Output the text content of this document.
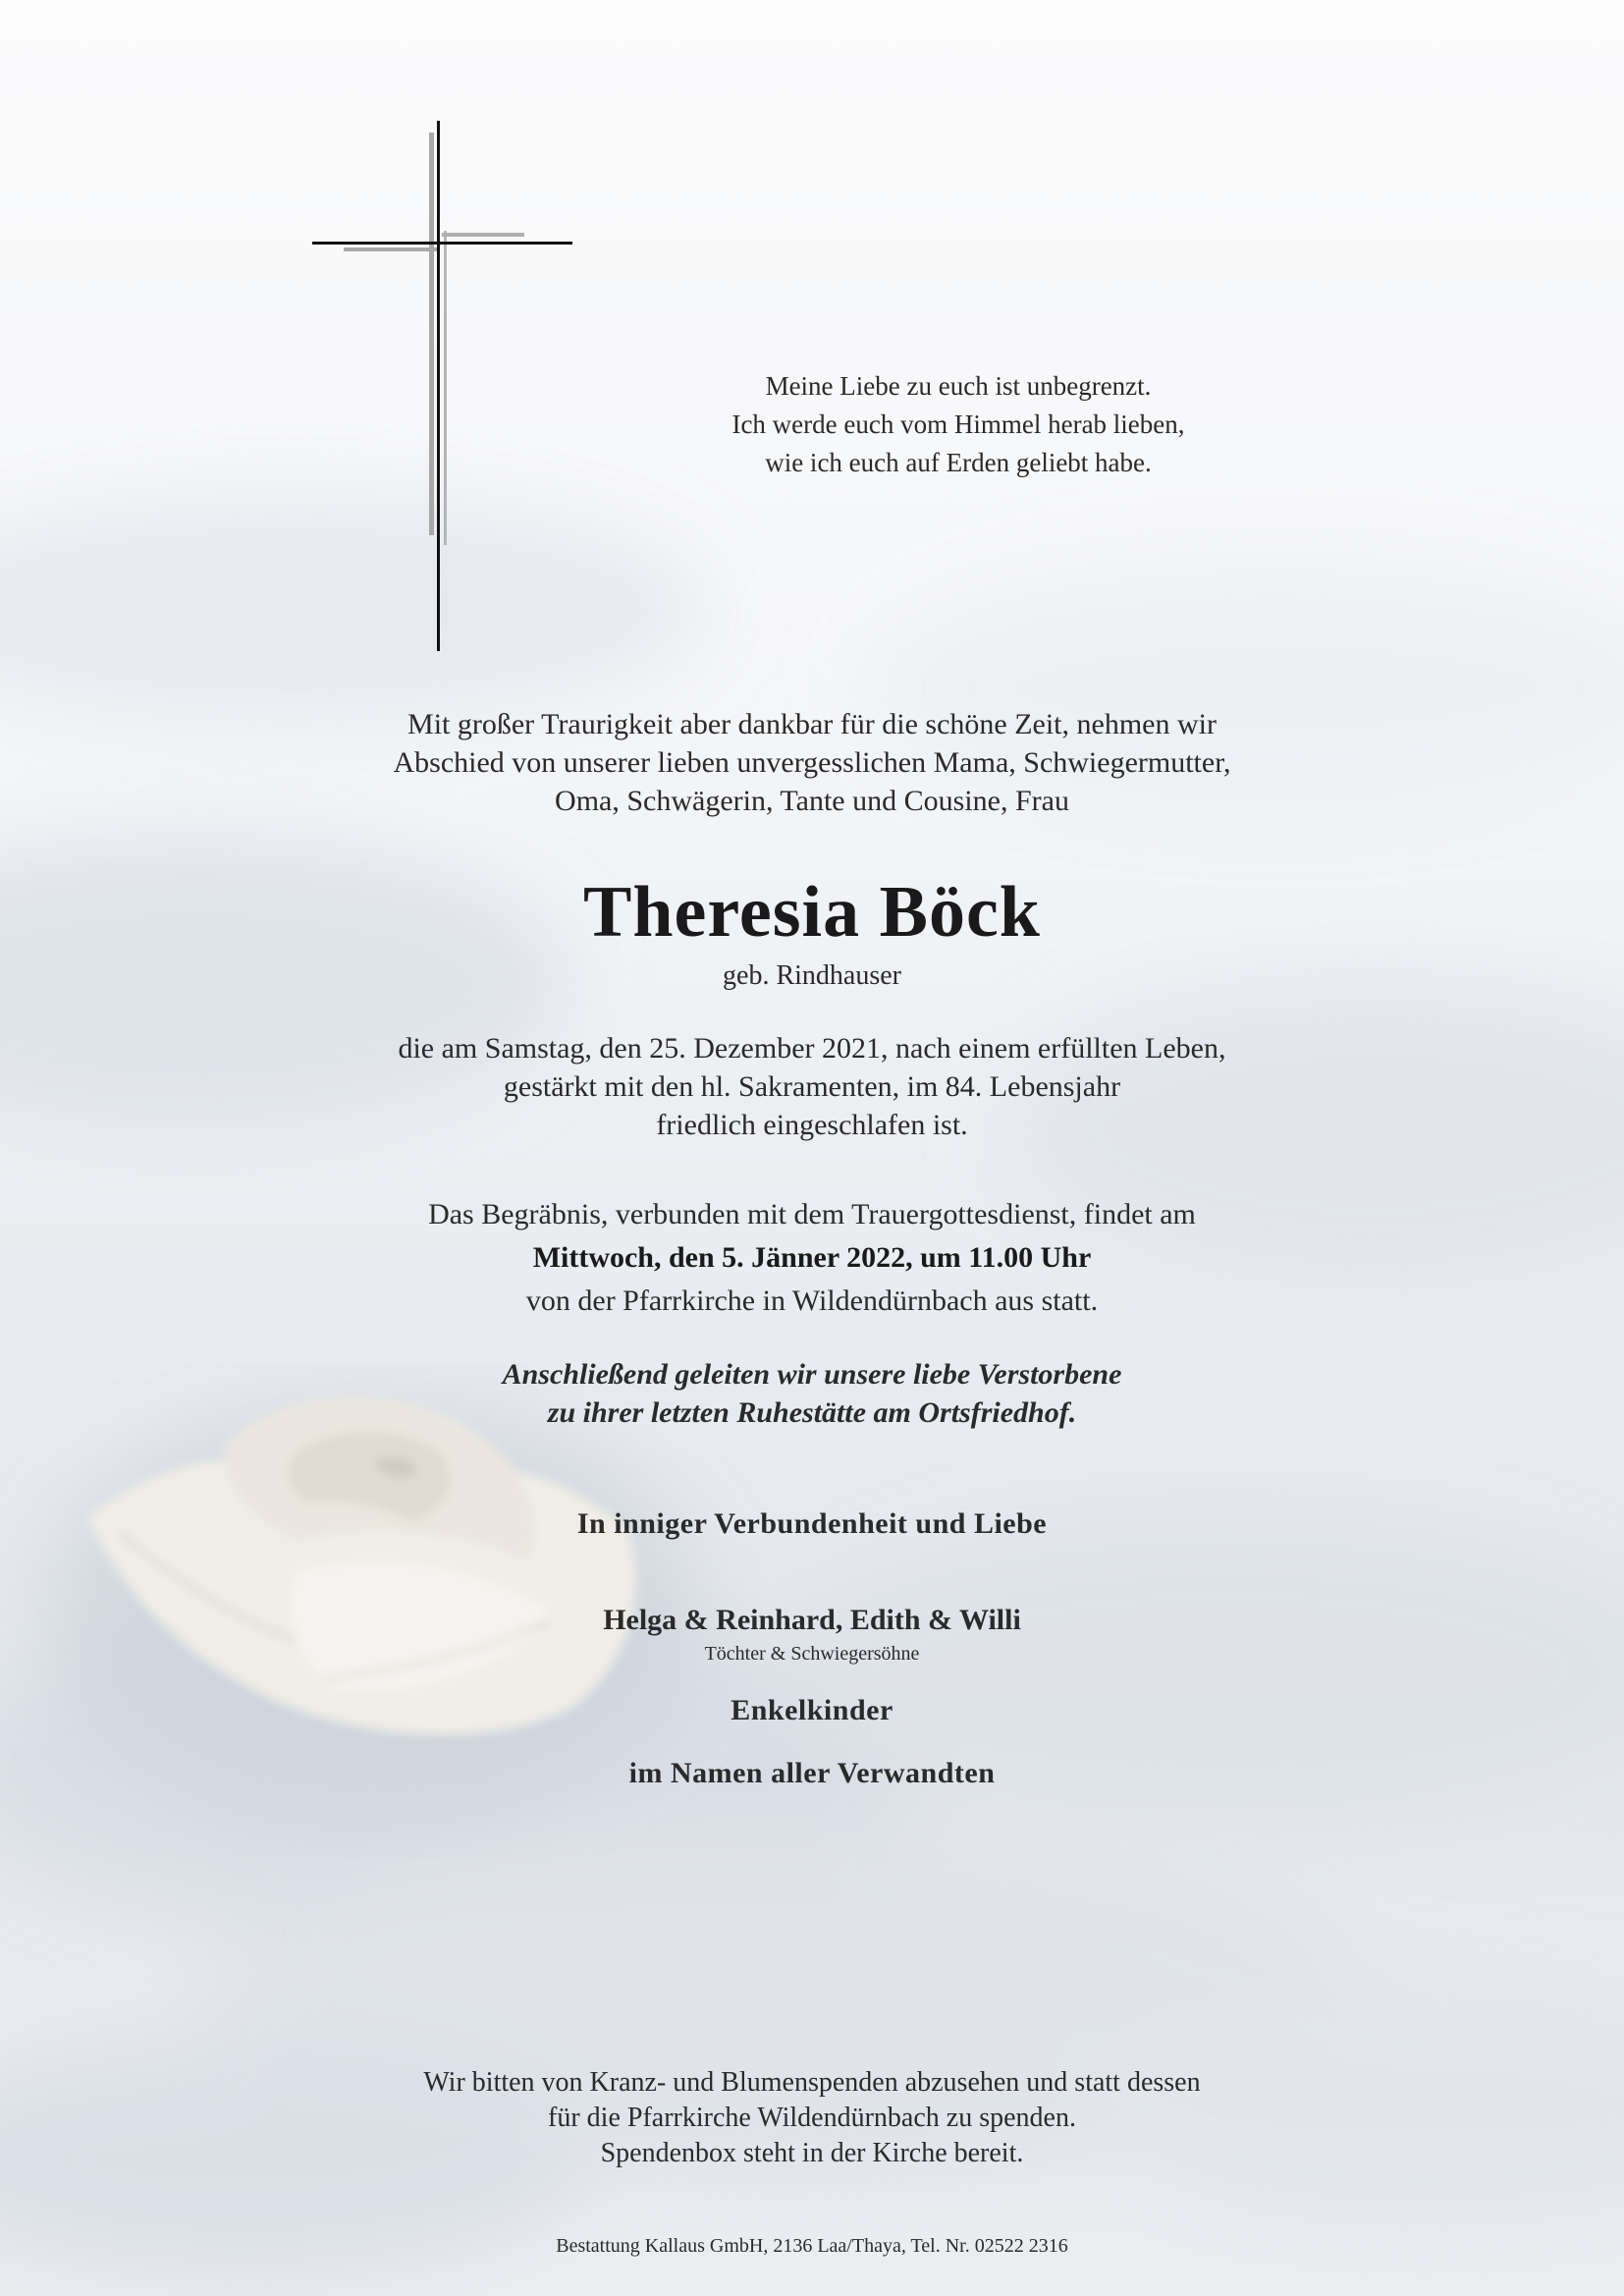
Meine Liebe zu euch ist unbegrenzt.
Ich werde euch vom Himmel herab lieben,
wie ich euch auf Erden geliebt habe.
Mit großer Traurigkeit aber dankbar für die schöne Zeit, nehmen wir
Abschied von unserer lieben unvergesslichen Mama, Schwiegermutter,
Oma, Schwägerin, Tante und Cousine, Frau
Theresia Böck
geb. Rindhauser
die am Samstag, den 25. Dezember 2021, nach einem erfüllten Leben,
gestärkt mit den hl. Sakramenten, im 84. Lebensjahr
friedlich eingeschlafen ist.
Das Begräbnis, verbunden mit dem Trauergottesdienst, findet am
Mittwoch, den 5. Jänner 2022, um 11.00 Uhr
von der Pfarrkirche in Wildendürnbach aus statt.
Anschließend geleiten wir unsere liebe Verstorbene
zu ihrer letzten Ruhestätte am Ortsfriedhof.
In inniger Verbundenheit und Liebe
Helga & Reinhard, Edith & Willi
Töchter & Schwiegersöhne
Enkelkinder
im Namen aller Verwandten
Wir bitten von Kranz- und Blumenspenden abzusehen und statt dessen
für die Pfarrkirche Wildendürnbach zu spenden.
Spendenbox steht in der Kirche bereit.
Bestattung Kallaus GmbH, 2136 Laa/Thaya, Tel. Nr. 02522 2316
